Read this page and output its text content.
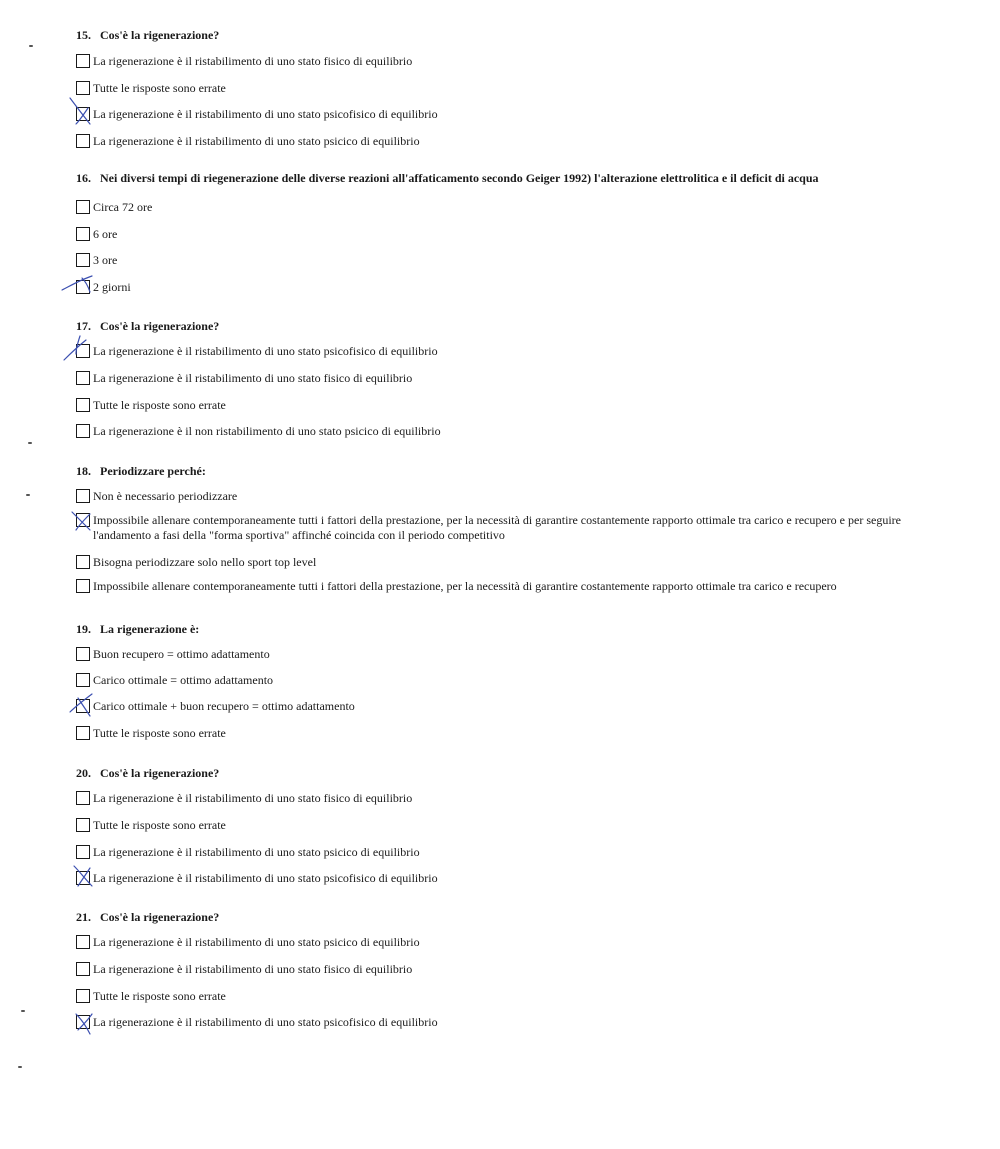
15. Cos'è la rigenerazione?
La rigenerazione è il ristabilimento di uno stato fisico di equilibrio
Tutte le risposte sono errate
La rigenerazione è il ristabilimento di uno stato psicofisico di equilibrio
La rigenerazione è il ristabilimento di uno stato psicico di equilibrio
16. Nei diversi tempi di riegenerazione delle diverse reazioni all'affaticamento secondo Geiger 1992) l'alterazione elettrolitica e il deficit di acqua
Circa 72 ore
6 ore
3 ore
2 giorni
17. Cos'è la rigenerazione?
La rigenerazione è il ristabilimento di uno stato psicofisico di equilibrio
La rigenerazione è il ristabilimento di uno stato fisico di equilibrio
Tutte le risposte sono errate
La rigenerazione è il non ristabilimento di uno stato psicico di equilibrio
18. Periodizzare perché:
Non è necessario periodizzare
Impossibile allenare contemporaneamente tutti i fattori della prestazione, per la necessità di garantire costantemente rapporto ottimale tra carico e recupero e per seguire l'andamento a fasi della "forma sportiva" affinché coincida con il periodo competitivo
Bisogna periodizzare solo nello sport top level
Impossibile allenare contemporaneamente tutti i fattori della prestazione, per la necessità di garantire costantemente rapporto ottimale tra carico e recupero
19. La rigenerazione è:
Buon recupero = ottimo adattamento
Carico ottimale = ottimo adattamento
Carico ottimale + buon recupero = ottimo adattamento
Tutte le risposte sono errate
20. Cos'è la rigenerazione?
La rigenerazione è il ristabilimento di uno stato fisico di equilibrio
Tutte le risposte sono errate
La rigenerazione è il ristabilimento di uno stato psicico di equilibrio
La rigenerazione è il ristabilimento di uno stato psicofisico di equilibrio
21. Cos'è la rigenerazione?
La rigenerazione è il ristabilimento di uno stato psicico di equilibrio
La rigenerazione è il ristabilimento di uno stato fisico di equilibrio
Tutte le risposte sono errate
La rigenerazione è il ristabilimento di uno stato psicofisico di equilibrio
